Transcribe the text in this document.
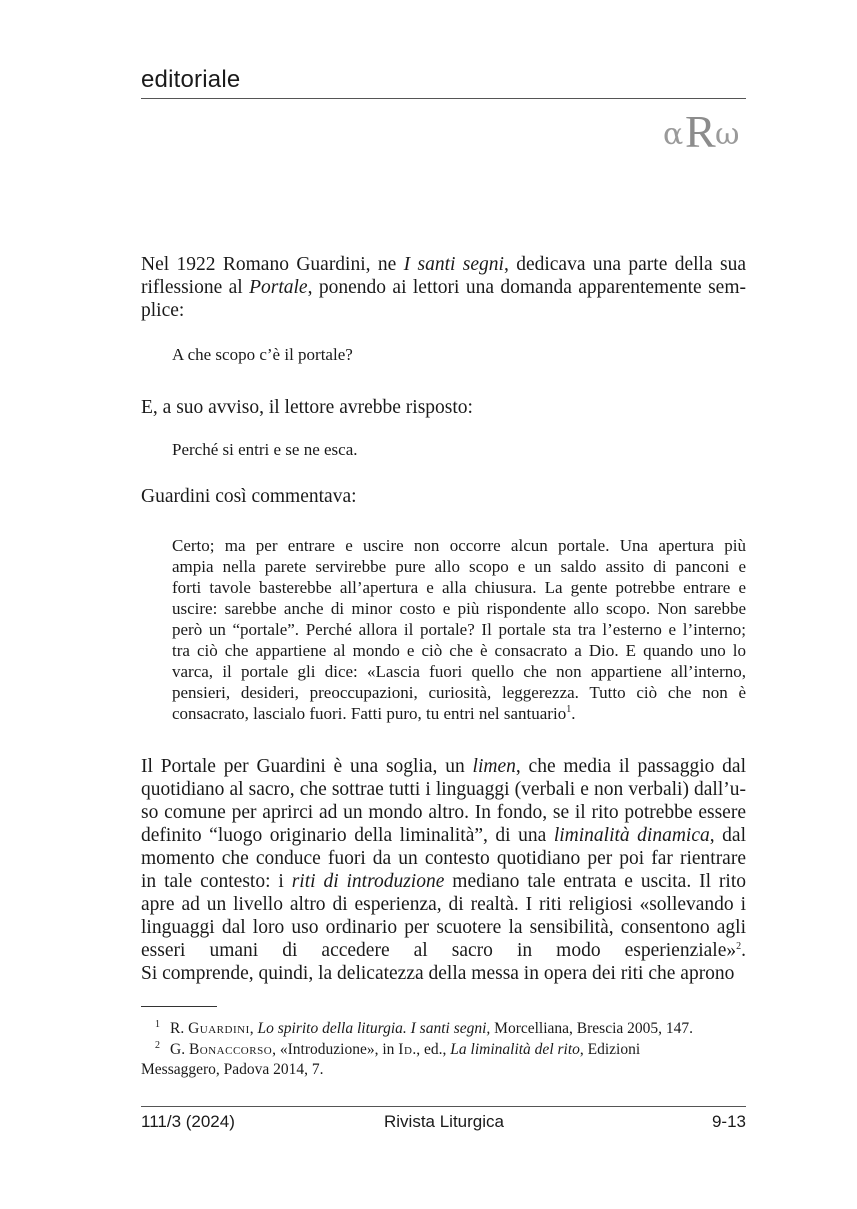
editoriale
α R ω
Nel 1922 Romano Guardini, ne I santi segni, dedicava una parte della sua
riflessione al Portale, ponendo ai lettori una domanda apparentemente sem-
plice:
A che scopo c’è il portale?
E, a suo avviso, il lettore avrebbe risposto:
Perché si entri e se ne esca.
Guardini così commentava:
Certo; ma per entrare e uscire non occorre alcun portale. Una apertura più
ampia nella parete servirebbe pure allo scopo e un saldo assito di panconi e
forti tavole basterebbe all’apertura e alla chiusura. La gente potrebbe entrare e
uscire: sarebbe anche di minor costo e più rispondente allo scopo. Non sarebbe
però un “portale”. Perché allora il portale? Il portale sta tra l’esterno e l’interno;
tra ciò che appartiene al mondo e ciò che è consacrato a Dio. E quando uno lo
varca, il portale gli dice: «Lascia fuori quello che non appartiene all’interno,
pensieri, desideri, preoccupazioni, curiosità, leggerezza. Tutto ciò che non è
consacrato, lascialo fuori. Fatti puro, tu entri nel santuario$^1$.
Il Portale per Guardini è una soglia, un limen, che media il passaggio dal
quotidiano al sacro, che sottrae tutti i linguaggi (verbali e non verbali) dall’u-
so comune per aprirci ad un mondo altro. In fondo, se il rito potrebbe essere
definito “luogo originario della liminalità”, di una liminalità dinamica, dal
momento che conduce fuori da un contesto quotidiano per poi far rientrare
in tale contesto: i riti di introduzione mediano tale entrata e uscita. Il rito
apre ad un livello altro di esperienza, di realtà. I riti religiosi «sollevando i
linguaggi dal loro uso ordinario per scuotere la sensibilità, consentono agli
esseri umani di accedere al sacro in modo esperienziale»$^2$.
Si comprende, quindi, la delicatezza della messa in opera dei riti che aprono
$^1$ R. Guardini, Lo spirito della liturgia. I santi segni, Morcelliana, Brescia 2005, 147.
$^2$ G. Bonaccorso, «Introduzione», in Id., ed., La liminalità del rito, Edizioni
Messaggero, Padova 2014, 7.
111/3 (2024)	Rivista Liturgica	9-13
